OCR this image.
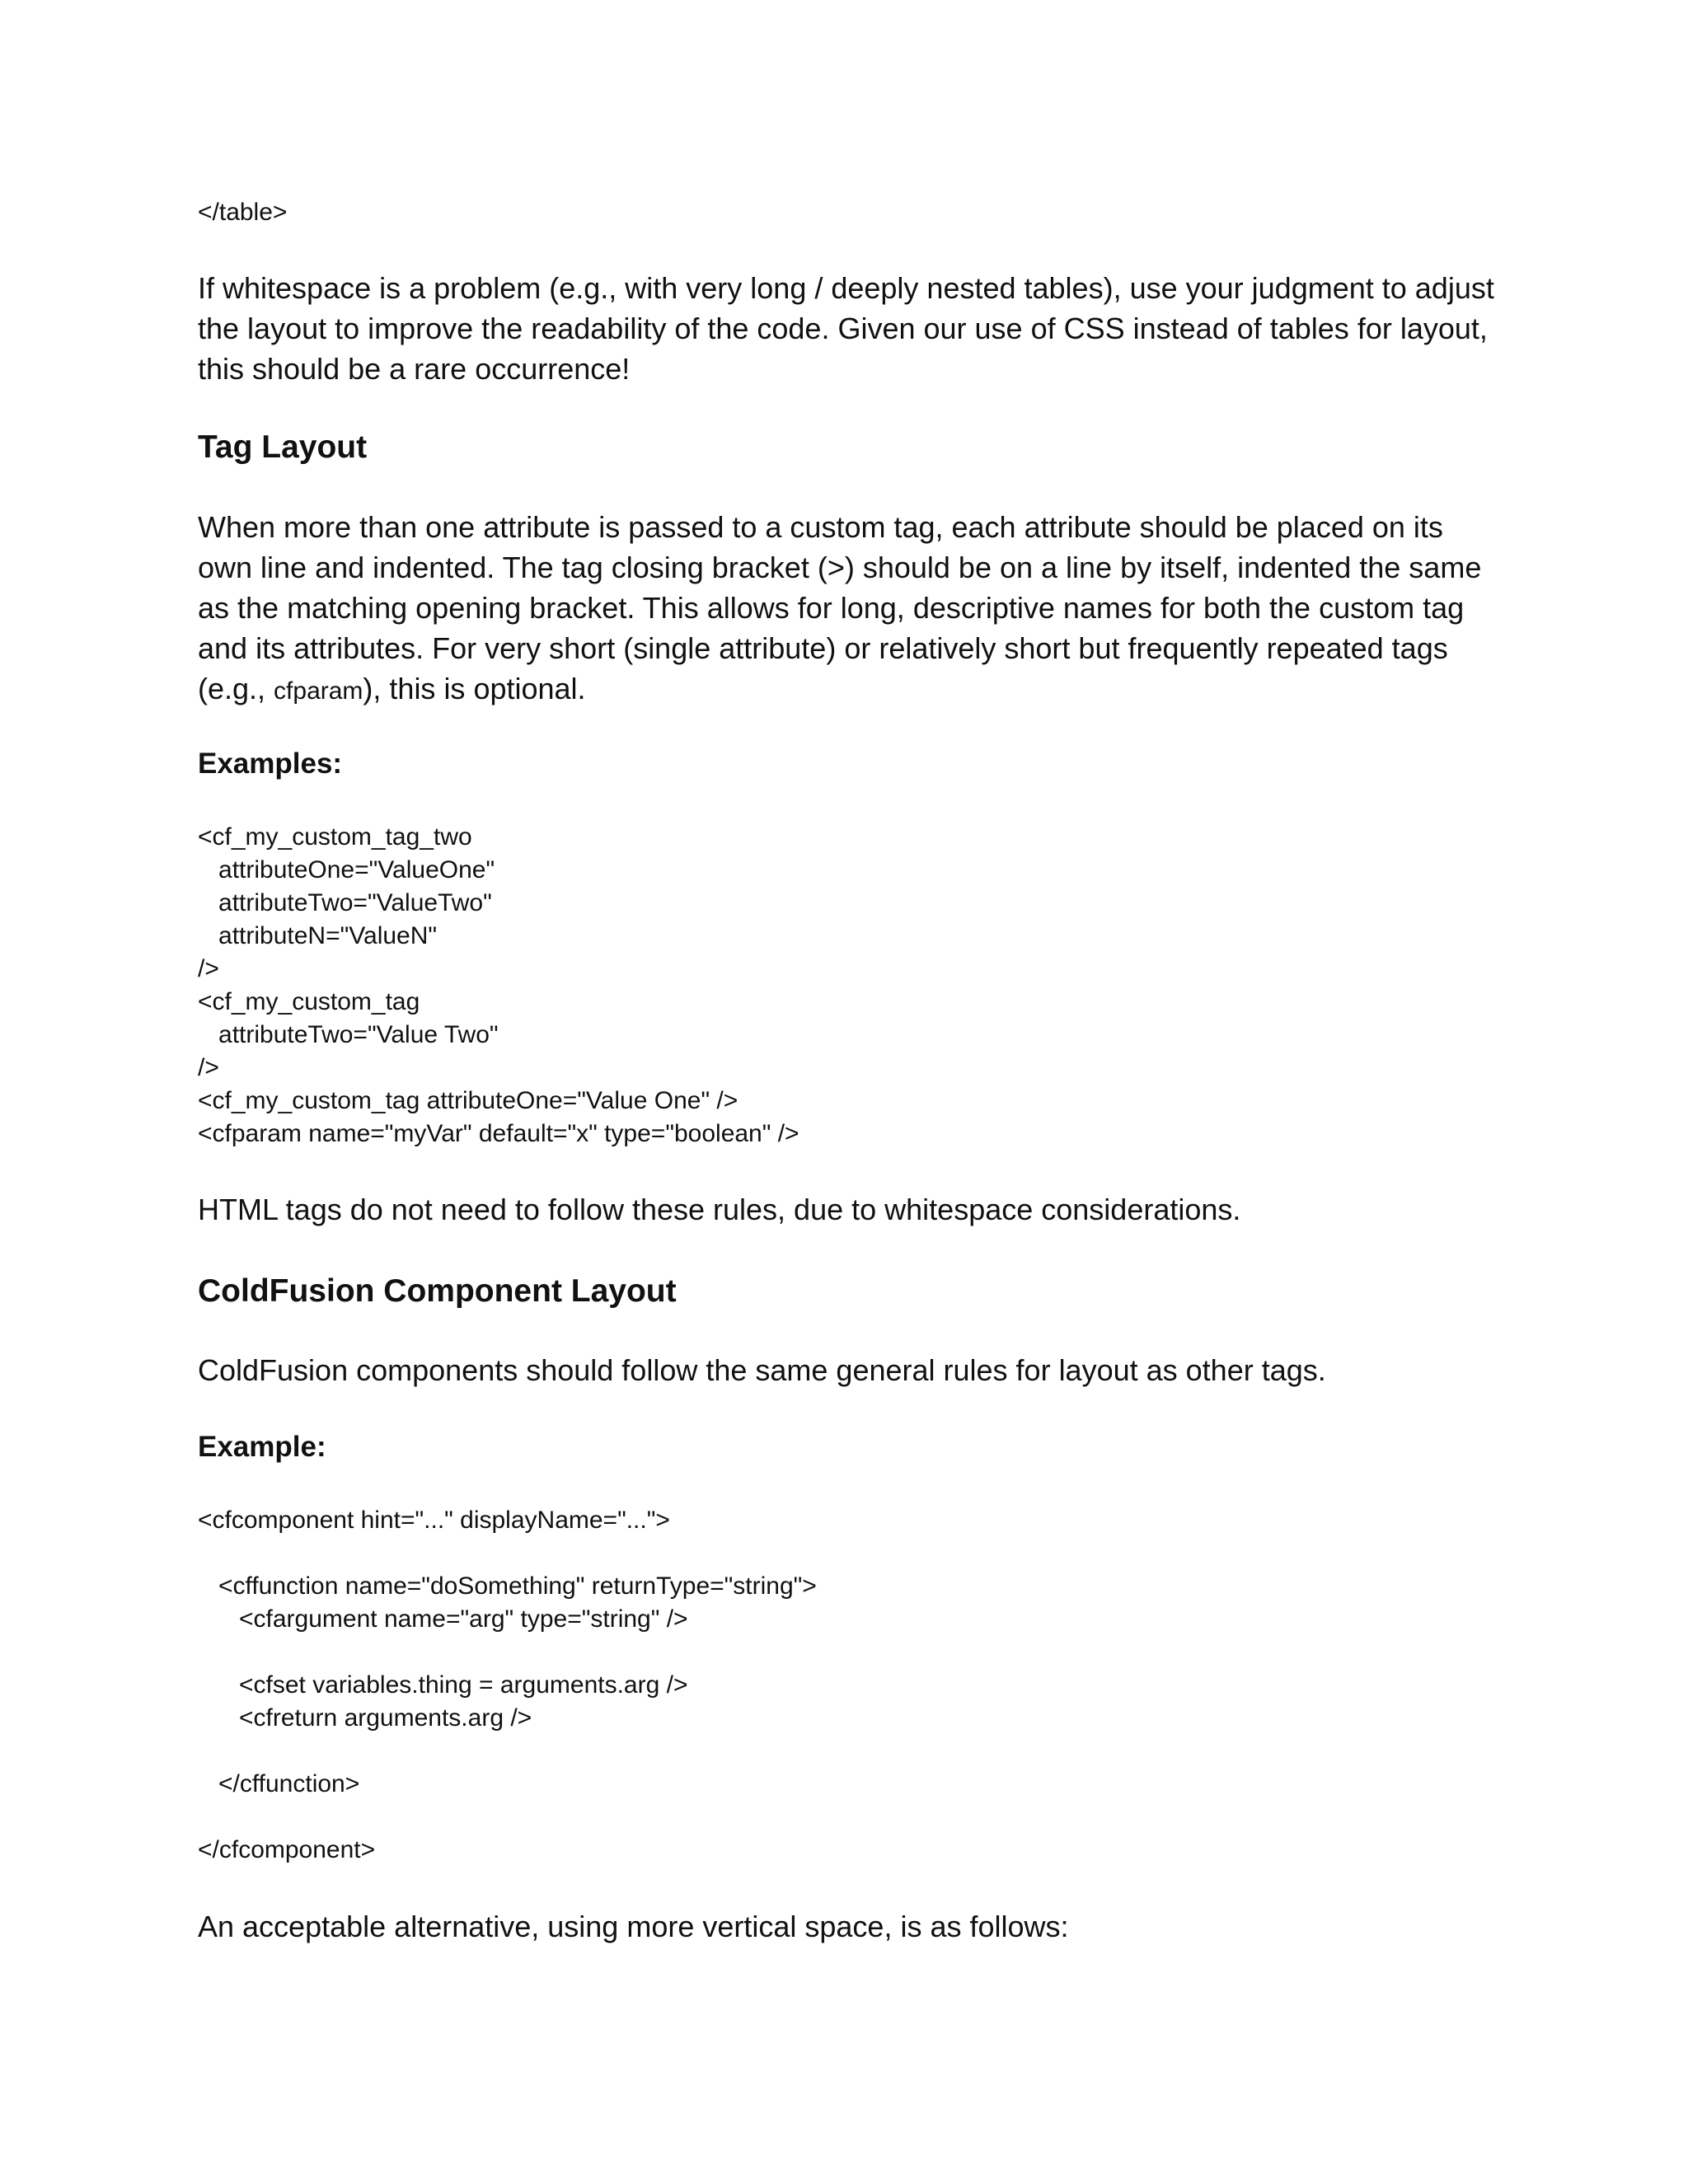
</table>

If whitespace is a problem (e.g., with very long / deeply nested tables), use your judgment to adjust the layout to improve the readability of the code. Given our use of CSS instead of tables for layout, this should be a rare occurrence!

Tag Layout

When more than one attribute is passed to a custom tag, each attribute should be placed on its own line and indented. The tag closing bracket (>) should be on a line by itself, indented the same as the matching opening bracket. This allows for long, descriptive names for both the custom tag and its attributes. For very short (single attribute) or relatively short but frequently repeated tags (e.g., cfparam), this is optional.

Examples:
<cf_my_custom_tag_two
attributeOne="ValueOne"
attributeTwo="ValueTwo"
attributeN="ValueN"
/>
<cf_my_custom_tag
attributeTwo="Value Two"
/>
<cf_my_custom_tag attributeOne="Value One" />
<cfparam name="myVar" default="x" type="boolean" />

HTML tags do not need to follow these rules, due to whitespace considerations.

ColdFusion Component Layout

ColdFusion components should follow the same general rules for layout as other tags.

Example:
<cfcomponent hint="..." displayName="...">
<cffunction name="doSomething" returnType="string">
<cfargument name="arg" type="string" />
<cfset variables.thing = arguments.arg />
<cfreturn arguments.arg />
</cffunction>
</cfcomponent>

An acceptable alternative, using more vertical space, is as follows:
